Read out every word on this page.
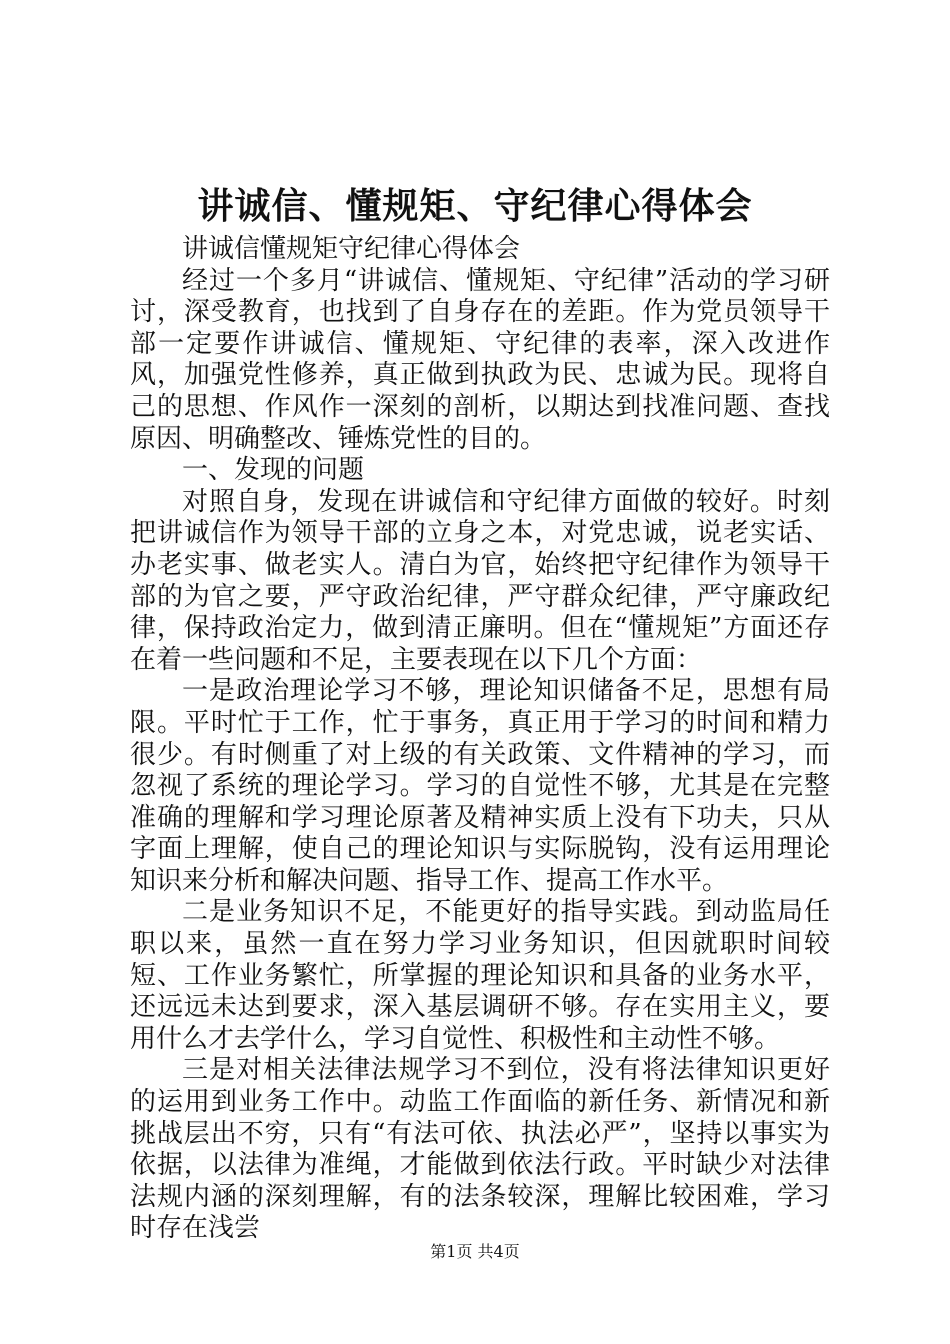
讲诚信、懂规矩、守纪律心得体会

讲诚信懂规矩守纪律心得体会

经过一个多月“讲诚信、懂规矩、守纪律”活动的学习研讨，深受教育，也找到了自身存在的差距。作为党员领导干部一定要作讲诚信、懂规矩、守纪律的表率，深入改进作风，加强党性修养，真正做到执政为民、忠诚为民。现将自己的思想、作风作一深刻的剖析，以期达到找准问题、查找原因、明确整改、锤炼党性的目的。

一、发现的问题

对照自身，发现在讲诚信和守纪律方面做的较好。时刻把讲诚信作为领导干部的立身之本，对党忠诚，说老实话、办老实事、做老实人。清白为官，始终把守纪律作为领导干部的为官之要，严守政治纪律，严守群众纪律，严守廉政纪律，保持政治定力，做到清正廉明。但在“懂规矩”方面还存在着一些问题和不足，主要表现在以下几个方面：

一是政治理论学习不够，理论知识储备不足，思想有局限。平时忙于工作，忙于事务，真正用于学习的时间和精力很少。有时侧重了对上级的有关政策、文件精神的学习，而忽视了系统的理论学习。学习的自觉性不够，尤其是在完整准确的理解和学习理论原著及精神实质上没有下功夫，只从字面上理解，使自己的理论知识与实际脱钩，没有运用理论知识来分析和解决问题、指导工作、提高工作水平。

二是业务知识不足，不能更好的指导实践。到动监局任职以来，虽然一直在努力学习业务知识，但因就职时间较短、工作业务繁忙，所掌握的理论知识和具备的业务水平，还远远未达到要求，深入基层调研不够。存在实用主义，要用什么才去学什么，学习自觉性、积极性和主动性不够。

三是对相关法律法规学习不到位，没有将法律知识更好的运用到业务工作中。动监工作面临的新任务、新情况和新挑战层出不穷，只有“有法可依、执法必严”，坚持以事实为依据，以法律为准绳，才能做到依法行政。平时缺少对法律法规内涵的深刻理解，有的法条较深，理解比较困难，学习时存在浅尝

第1页 共4页
